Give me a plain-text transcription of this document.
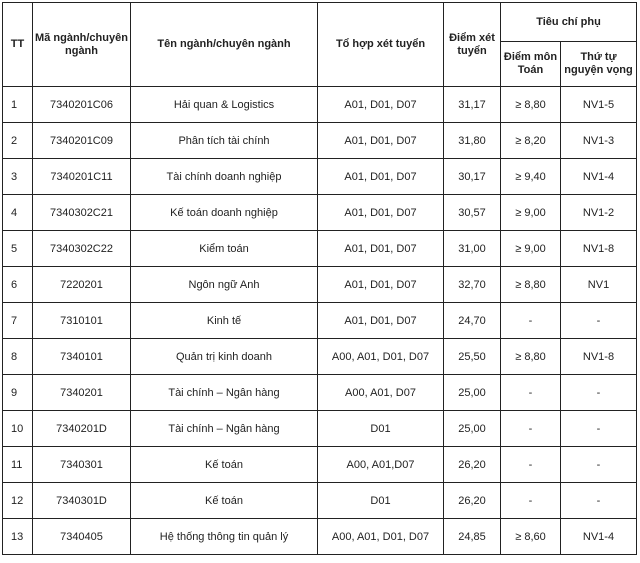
TT	Mã ngành/chuyên ngành	Tên ngành/chuyên ngành	Tổ hợp xét tuyển	Điểm xét tuyển	Tiêu chí phụ	
					Điểm môn Toán	Thứ tự nguyện vọng
1	7340201C06	Hải quan & Logistics	A01, D01, D07	31,17	≥ 8,80	NV1-5
2	7340201C09	Phân tích tài chính	A01, D01, D07	31,80	≥ 8,20	NV1-3
3	7340201C11	Tài chính doanh nghiệp	A01, D01, D07	30,17	≥ 9,40	NV1-4
4	7340302C21	Kế toán doanh nghiệp	A01, D01, D07	30,57	≥ 9,00	NV1-2
5	7340302C22	Kiểm toán	A01, D01, D07	31,00	≥ 9,00	NV1-8
6	7220201	Ngôn ngữ Anh	A01, D01, D07	32,70	≥ 8,80	NV1
7	7310101	Kinh tế	A01, D01, D07	24,70	-	-
8	7340101	Quản trị kinh doanh	A00, A01, D01, D07	25,50	≥ 8,80	NV1-8
9	7340201	Tài chính – Ngân hàng	A00, A01, D07	25,00	-	-
10	7340201D	Tài chính – Ngân hàng	D01	25,00	-	-
11	7340301	Kế toán	A00, A01,D07	26,20	-	-
12	7340301D	Kế toán	D01	26,20	-	-
13	7340405	Hệ thống thông tin quản lý	A00, A01, D01, D07	24,85	≥ 8,60	NV1-4
